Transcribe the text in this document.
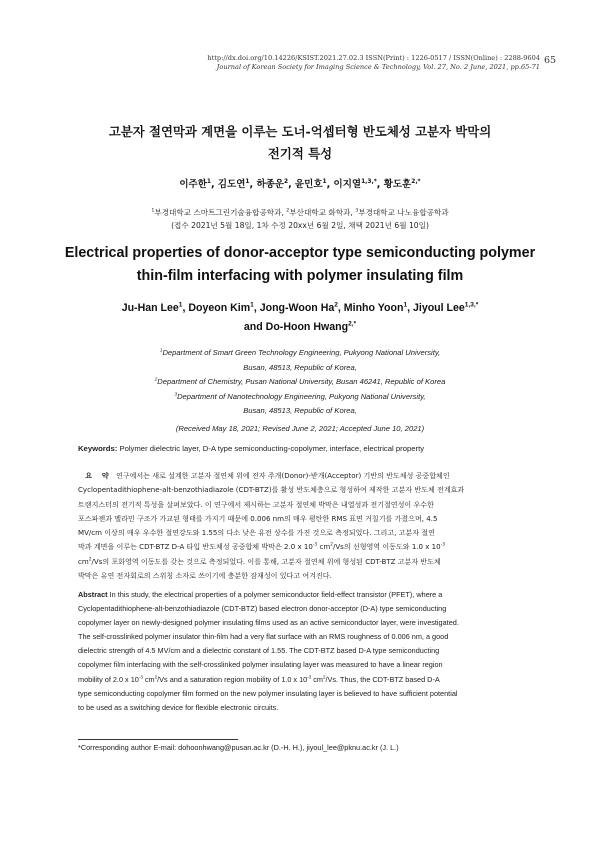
http://dx.doi.org/10.14226/KSIST.2021.27.02.3 ISSN(Print) : 1226-0517 / ISSN(Online) : 2288-9604
Journal of Korean Society for Imaging Science & Technology, Vol. 27, No. 2 June, 2021, pp.65-71
65
고분자 절연막과 계면을 이루는 도너-억셉터형 반도체성 고분자 박막의
전기적 특성
이주한$^1$, 김도연$^1$, 하종운$^2$, 윤민호$^1$, 이지열$^{1,3,*}$, 황도훈$^{2,*}$
$^1$부경대학교 스마트그린기술융합공학과, $^2$부산대학교 화학과, $^3$부경대학교 나노융합공학과
(접수 2021년 5월 18일, 1차 수정 20xx년 6월 2일, 채택 2021년 6월 10일)
Electrical properties of donor-acceptor type semiconducting polymer
thin-film interfacing with polymer insulating film
Ju-Han Lee$^1$, Doyeon Kim$^1$, Jong-Woon Ha$^2$, Minho Yoon$^1$, Jiyoul Lee$^{1,3,*}$
and Do-Hoon Hwang$^{2,*}$
$^1$Department of Smart Green Technology Engineering, Pukyong National University,
Busan, 48513, Republic of Korea,
$^2$Department of Chemistry, Pusan National University, Busan 46241, Republic of Korea
$^3$Department of Nanotechnology Engineering, Pukyong National University,
Busan, 48513, Republic of Korea,
(Received May 18, 2021; Revised June 2, 2021; Accepted June 10, 2021)
Keywords: Polymer dielectric layer, D-A type semiconducting-copolymer, interface, electrical property
요    약 연구에서는 새로 설계한 고분자 절연체 위에 전자 주개(Donor)-받개(Acceptor) 기반의 반도체성 공중합체인
Cyclopentadithiophene-alt-benzothiadiazole (CDT-BTZ)를 활성 반도체층으로 형성하여 제작한 고분자 반도체 전계효과
트랜지스터의 전기적 특성을 살펴보았다. 이 연구에서 제시하는 고분자 절연체 박막은 내열성과 전기절연성이 우수한
포스파젠과 멜라민 구조가 가교된 형태를 가지기 때문에 0.006 nm의 매우 평탄한 RMS 표면 거칠기를 가졌으며, 4.5
MV/cm 이상의 매우 우수한 절연강도와 1.55의 다소 낮은 유전 상수를 가진 것으로 측정되었다. 그리고, 고분자 절연
막과 계면을 이루는 CDT-BTZ D-A 타입 반도체성 공중합체 박막은 2.0 x $10^{-3}$ $cm^2/Vs$의 선형영역 이동도와 1.0 x $10^{-3}$
$cm^2/Vs$의 포화영역 이동도를 갖는 것으로 측정되었다. 이를 통해, 고분자 절연체 위에 형성된 CDT-BTZ 고분자 반도체
박막은 유연 전자회로의 스위칭 소자로 쓰이기에 충분한 잠재성이 있다고 여겨진다.
Abstract In this study, the electrical properties of a polymer semiconductor field-effect transistor (PFET), where a
Cyclopentadithiophene-alt-benzothiadiazole (CDT-BTZ) based electron donor-acceptor (D-A) type semiconducting
copolymer layer on newly-designed polymer insulating films used as an active semiconductor layer, were investigated.
The self-crosslinked polymer insulator thin-film had a very flat surface with an RMS roughness of 0.006 nm, a good
dielectric strength of 4.5 MV/cm and a dielectric constant of 1.55. The CDT-BTZ based D-A type semiconducting
copolymer film interfacing with the self-crosslinked polymer insulating layer was measured to have a linear region
mobility of 2.0 x $10^{-3}$ $cm^2/Vs$ and a saturation region mobility of 1.0 x $10^{-3}$ $cm^2/Vs$. Thus, the CDT-BTZ based D-A
type semiconducting copolymer film formed on the new polymer insulating layer is believed to have sufficient potential
to be used as a switching device for flexible electronic circuits.
*Corresponding author E-mail: dohoonhwang@pusan.ac.kr (D.-H. H.), jiyoul_lee@pknu.ac.kr (J. L.)
